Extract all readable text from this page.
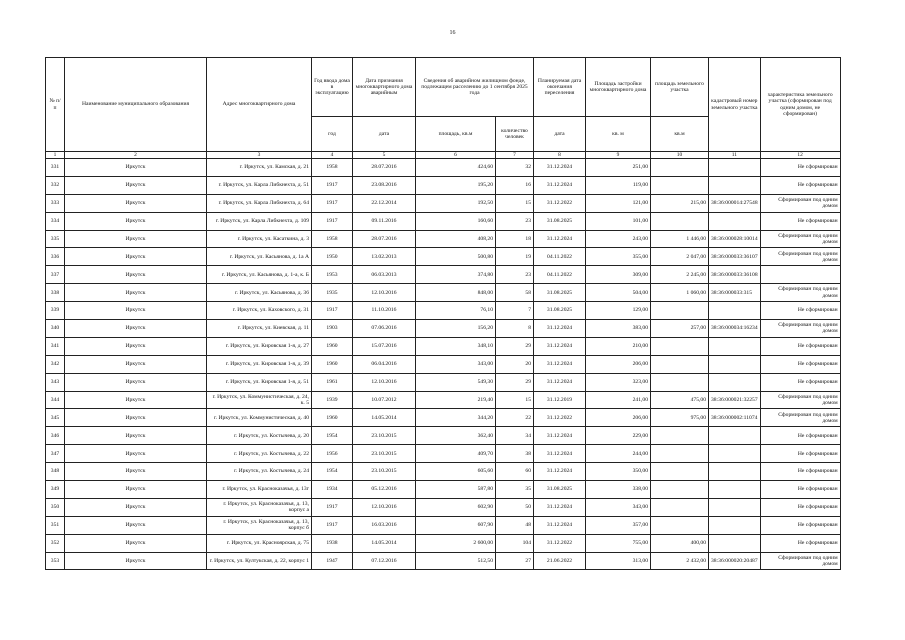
16
№ п/п	Наименование муниципального образования	Адрес многоквартирного дома	Год ввода дома в эксплуатацию	Дата признания многоквартирного дома аварийным	Сведения об аварийном жилищном фонде, подлежащем расселению до 1 сентября 2025 года		Планируемая дата окончания переселения	Площадь застройки многоквартирного дома	площадь земельного участка	кадастровый номер земельного участка	характеристика земельного участка (сформирован под одним домом, не сформирован)
			год	дата	площадь, кв.м	количество человек	дата	кв. м	кв.м		
1	2	3	4	5	6	7	8	9	10	11	12
331	Иркутск	г. Иркутск, ул. Камская, д. 21	1958	28.07.2016	424,60	32	31.12.2024	251,00			Не сформирован
332	Иркутск	г. Иркутск, ул. Карла Либкнехта, д. 51	1917	23.08.2016	195,20	16	31.12.2024	119,00			Не сформирован
333	Иркутск	г. Иркутск, ул. Карла Либкнехта, д. 64	1917	22.12.2014	192,50	15	31.12.2022	121,00	215,00	38:36:000014:27548	Сформирован под одним домом
334	Иркутск	г. Иркутск, ул. Карла Либкнехта, д. 109	1917	09.11.2016	160,60	23	31.08.2025	101,00			Не сформирован
335	Иркутск	г. Иркутск, ул. Касаткина, д. 3	1958	28.07.2016	408,20	18	31.12.2024	243,00	1 446,00	38:36:000028:10014	Сформирован под одним домом
336	Иркутск	г. Иркутск, ул. Касьянова, д. 1а А	1950	13.02.2013	500,80	19	04.11.2022	355,00	2 047,00	38:36:000033:36107	Сформирован под одним домом
337	Иркутск	г. Иркутск, ул. Касьянова, д. 1-а, к. Б	1953	06.03.2013	374,80	23	04.11.2022	309,00	2 245,00	38:36:000033:36108	
338	Иркутск	г. Иркутск, ул. Касьянова, д. 36	1935	12.10.2016	848,00	58	31.08.2025	504,00	1 060,00	38:36:000033:315	Сформирован под одним домом
339	Иркутск	г. Иркутск, ул. Каховского, д. 31	1917	11.10.2016	76,10	7	31.08.2025	129,00			Не сформирован
340	Иркутск	г. Иркутск, ул. Киевская, д. 11	1903	07.06.2016	156,20	8	31.12.2024	383,00	257,00	38:36:000034:16234	Сформирован под одним домом
341	Иркутск	г. Иркутск, ул. Кировская 1-я, д. 27	1960	15.07.2016	348,10	29	31.12.2024	210,00			Не сформирован
342	Иркутск	г. Иркутск, ул. Кировская 1-я, д. 39	1960	06.04.2016	343,00	20	31.12.2024	206,00			Не сформирован
343	Иркутск	г. Иркутск, ул. Кировская 1-я, д. 51	1961	12.10.2016	549,30	29	31.12.2024	323,00			Не сформирован
344	Иркутск	г. Иркутск, ул. Коммунистическая, д. 24, к. 5	1939	10.07.2012	219,40	15	31.12.2019	241,00	475,00	38:36:000021:32257	Сформирован под одним домом
345	Иркутск	г. Иркутск, ул. Коммунистическая, д. 40	1960	14.05.2014	344,20	22	31.12.2022	206,00	975,00	38:36:000002:11074	Сформирован под одним домом
346	Иркутск	г. Иркутск, ул. Костычева, д. 20	1954	23.10.2015	362,40	34	31.12.2024	229,00			Не сформирован
347	Иркутск	г. Иркутск, ул. Костычева, д. 22	1956	23.10.2015	409,70	38	31.12.2024	244,00			Не сформирован
348	Иркутск	г. Иркутск, ул. Костычева, д. 24	1954	23.10.2015	605,60	60	31.12.2024	350,00			Не сформирован
349	Иркутск	г. Иркутск, ул. Красноказачья, д. 13г	1934	05.12.2016	587,80	35	31.08.2025	338,00			Не сформирован
350	Иркутск	г. Иркутск, ул. Красноказачья, д. 13, корпус а	1917	12.10.2016	602,90	50	31.12.2024	343,00			Не сформирован
351	Иркутск	г. Иркутск, ул. Красноказачья, д. 13, корпус б	1917	16.03.2016	607,90	48	31.12.2024	357,00			Не сформирован
352	Иркутск	г. Иркутск, ул. Красноярская, д. 75	1938	14.05.2014	2 600,00	104	31.12.2022	755,00	400,00		Не сформирован
353	Иркутск	г. Иркутск, ул. Култукская, д. 22, корпус 1	1947	07.12.2016	512,50	27	21.06.2022	313,00	2 432,00	38:36:000020:20487	Сформирован под одним домом
